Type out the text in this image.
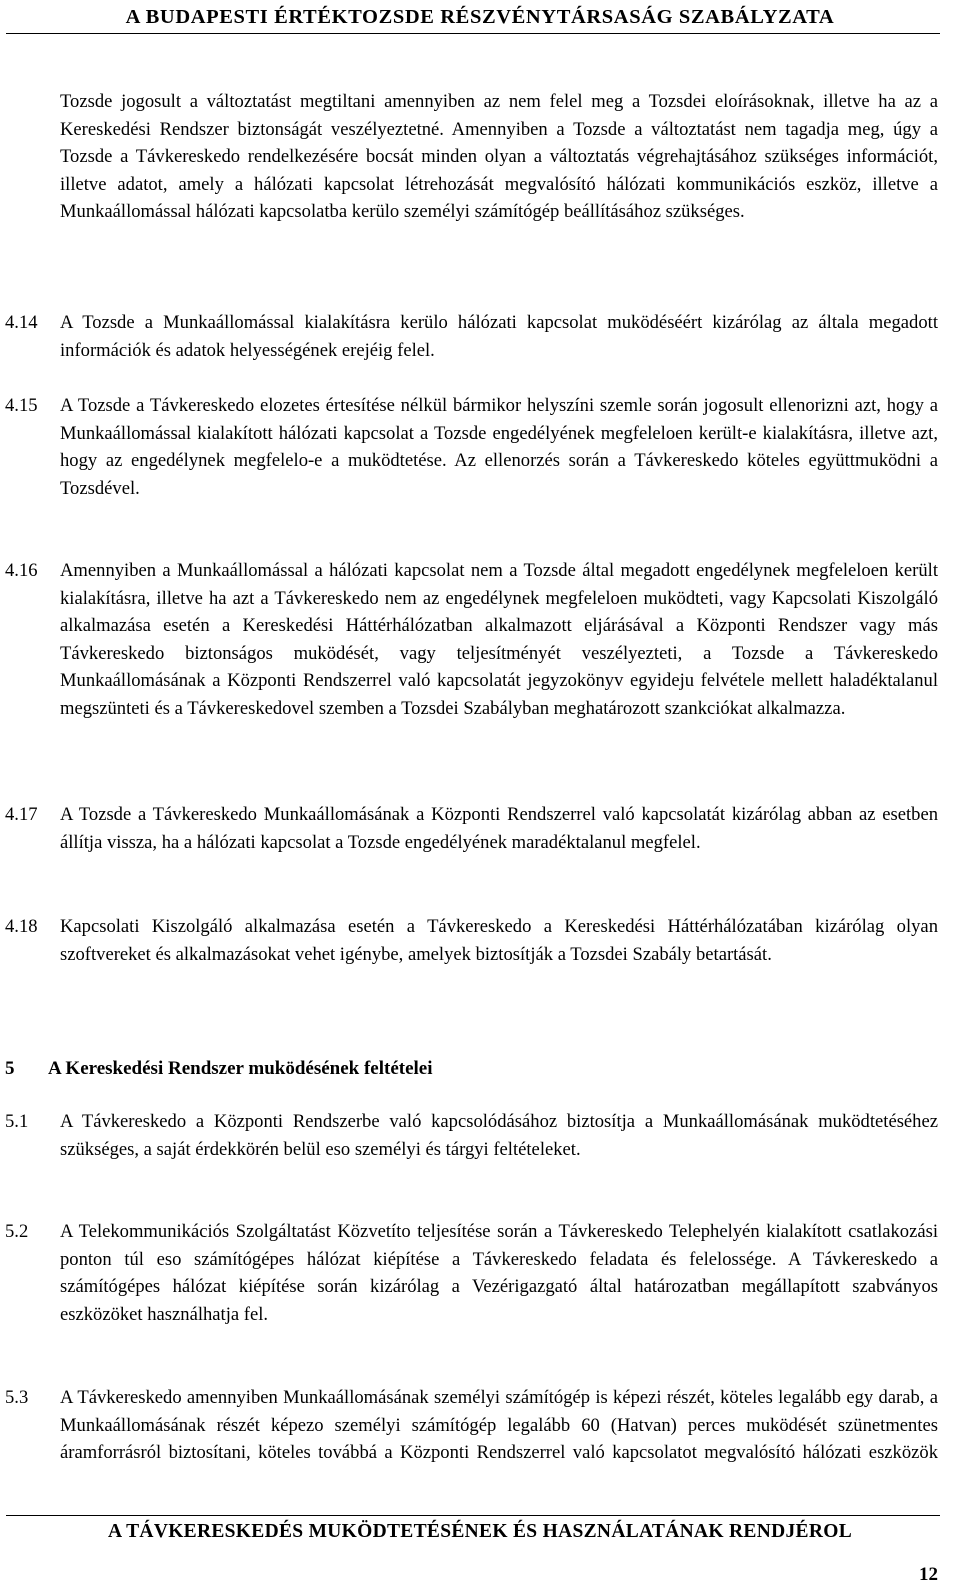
A BUDAPESTI ÉRTÉKTOZSDE RÉSZVÉNYTÁRSASÁG SZABÁLYZATA

Tozsde jogosult a változtatást megtiltani amennyiben az nem felel meg a Tozsdei eloírásoknak, illetve ha az a Kereskedési Rendszer biztonságát veszélyeztetné. Amennyiben a Tozsde a változtatást nem tagadja meg, úgy a Tozsde a Távkereskedo rendelkezésére bocsát minden olyan a változtatás végrehajtásához szükséges információt, illetve adatot, amely a hálózati kapcsolat létrehozását megvalósító hálózati kommunikációs eszköz, illetve a Munkaállomással hálózati kapcsolatba kerülo személyi számítógép beállításához szükséges.

4.14 A Tozsde a Munkaállomással kialakításra kerülo hálózati kapcsolat muködéséért kizárólag az általa megadott információk és adatok helyességének erejéig felel.

4.15 A Tozsde a Távkereskedo elozetes értesítése nélkül bármikor helyszíni szemle során jogosult ellenorizni azt, hogy a Munkaállomással kialakított hálózati kapcsolat a Tozsde engedélyének megfeleloen került-e kialakításra, illetve azt, hogy az engedélynek megfelelo-e a muködtetése. Az ellenorzés során a Távkereskedo köteles együttmuködni a Tozsdével.

4.16 Amennyiben a Munkaállomással a hálózati kapcsolat nem a Tozsde által megadott engedélynek megfeleloen került kialakításra, illetve ha azt a Távkereskedo nem az engedélynek megfeleloen muködteti, vagy Kapcsolati Kiszolgáló alkalmazása esetén a Kereskedési Háttérhálózatban alkalmazott eljárásával a Központi Rendszer vagy más Távkereskedo biztonságos muködését, vagy teljesítményét veszélyezteti, a Tozsde a Távkereskedo Munkaállomásának a Központi Rendszerrel való kapcsolatát jegyzokönyv egyideju felvétele mellett haladéktalanul megszünteti és a Távkereskedovel szemben a Tozsdei Szabályban meghatározott szankciókat alkalmazza.

4.17 A Tozsde a Távkereskedo Munkaállomásának a Központi Rendszerrel való kapcsolatát kizárólag abban az esetben állítja vissza, ha a hálózati kapcsolat a Tozsde engedélyének maradéktalanul megfelel.

4.18 Kapcsolati Kiszolgáló alkalmazása esetén a Távkereskedo a Kereskedési Háttérhálózatában kizárólag olyan szoftvereket és alkalmazásokat vehet igénybe, amelyek biztosítják a Tozsdei Szabály betartását.

5 A Kereskedési Rendszer muködésének feltételei
5.1 A Távkereskedo a Központi Rendszerbe való kapcsolódásához biztosítja a Munkaállomásának muködtetéséhez szükséges, a saját érdekkörén belül eso személyi és tárgyi feltételeket.

5.2 A Telekommunikációs Szolgáltatást Közvetíto teljesítése során a Távkereskedo Telephelyén kialakított csatlakozási ponton túl eso számítógépes hálózat kiépítése a Távkereskedo feladata és felelossége. A Távkereskedo a számítógépes hálózat kiépítése során kizárólag a Vezérigazgató által határozatban megállapított szabványos eszközöket használhatja fel.

5.3 A Távkereskedo amennyiben Munkaállomásának személyi számítógép is képezi részét, köteles legalább egy darab, a Munkaállomásának részét képezo személyi számítógép legalább 60 (Hatvan) perces muködését szünetmentes áramforrásról biztosítani, köteles továbbá a Központi Rendszerrel való kapcsolatot megvalósító hálózati eszközök

A TÁVKERESKEDÉS MUKÖDTETÉSÉNEK ÉS HASZNÁLATÁNAK RENDJÉROL
12
